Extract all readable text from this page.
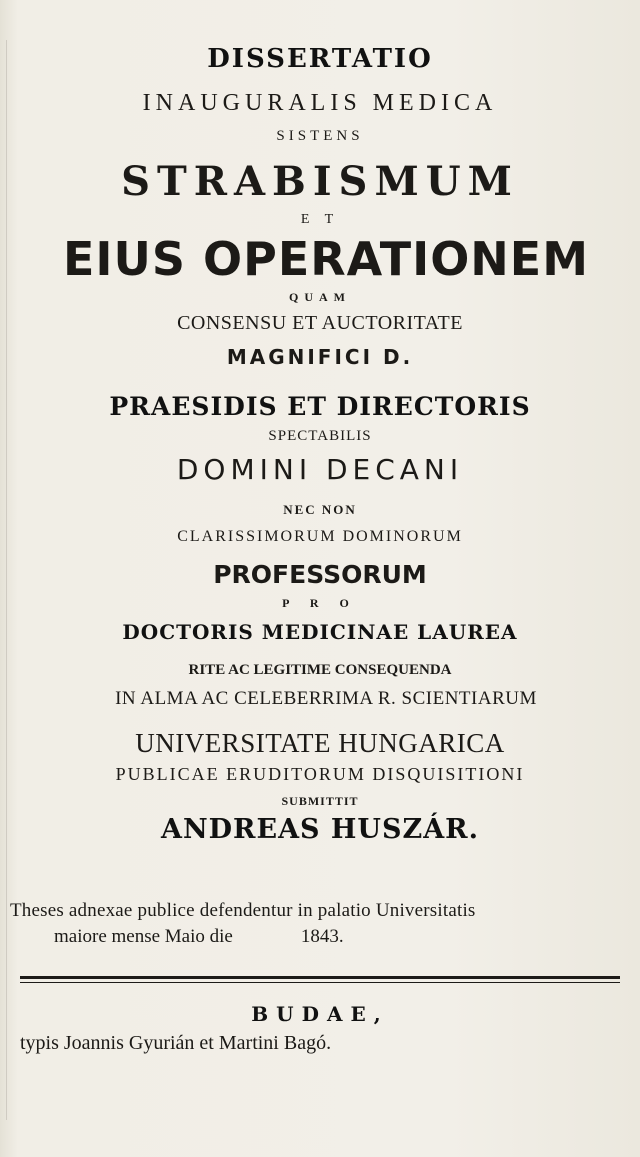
DISSERTATIO
INAUGURALIS MEDICA
SISTENS
STRABISMUM
E T
EIUS OPERATIONEM
QUAM
CONSENSU ET AUCTORITATE
MAGNIFICI D.
PRAESIDIS ET DIRECTORIS
SPECTABILIS
DOMINI DECANI
NEC NON
CLARISSIMORUM DOMINORUM
PROFESSORUM
P R O
DOCTORIS MEDICINAE LAUREA
RITE AC LEGITIME CONSEQUENDA
IN ALMA AC CELEBERRIMA R. SCIENTIARUM
UNIVERSITATE HUNGARICA
PUBLICAE ERUDITORUM DISQUISITIONI
SUBMITTIT
ANDREAS HUSZÁR.
Theses adnexae publice defendentur in palatio Universitatis
maiore mense Maio die	1843.
BUDAE,
typis Joannis Gyurián et Martini Bagó.
